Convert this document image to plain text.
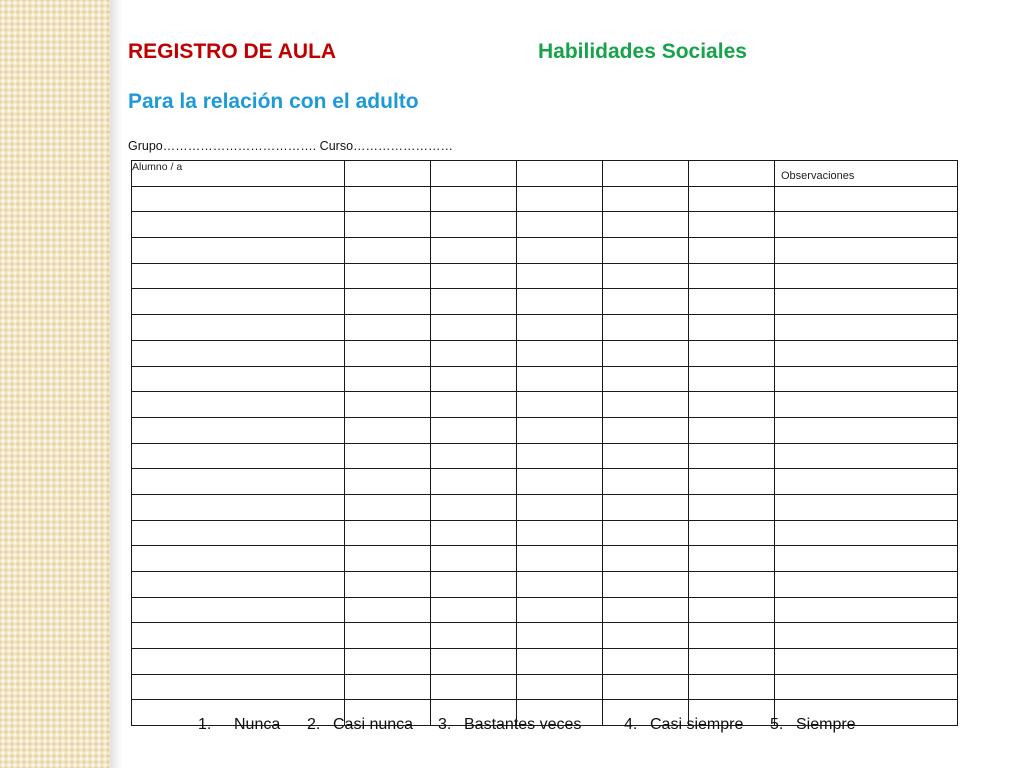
REGISTRO DE AULA	Habilidades Sociales
Para la relación con el adulto
Grupo………………………………. Curso……………………
Alumno / a						Observaciones

1.	Nunca	2. Casi nunca	3. Bastantes veces	4. Casi siempre	5. Siempre
